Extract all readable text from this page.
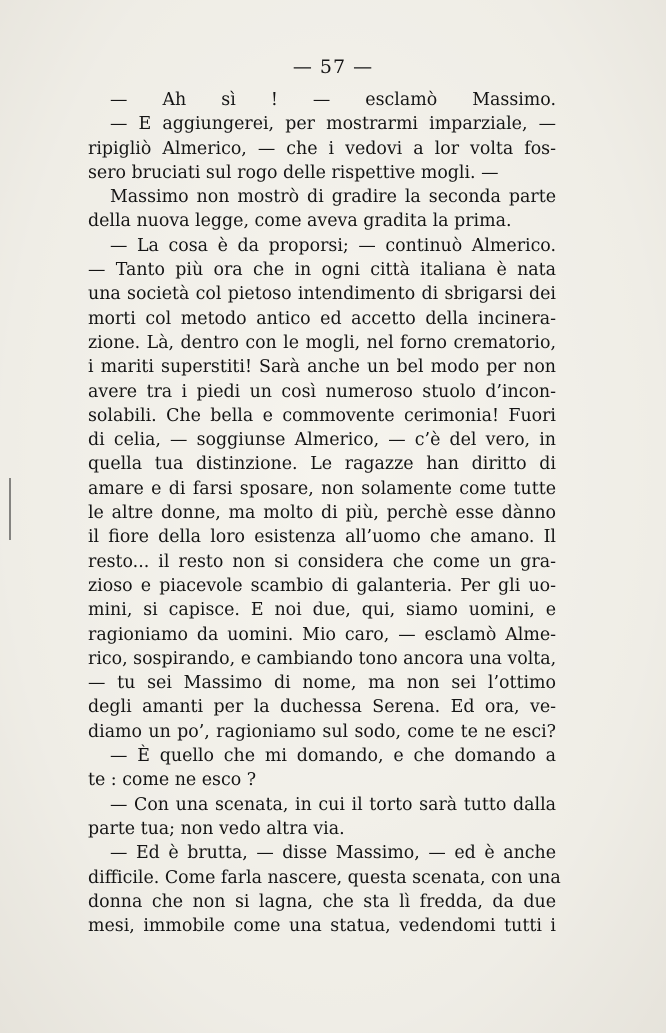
— 57 —
— Ah sì ! — esclamò Massimo.
— E aggiungerei, per mostrarmi imparziale, —
ripigliò Almerico, — che i vedovi a lor volta fos-
sero bruciati sul rogo delle rispettive mogli. —
Massimo non mostrò di gradire la seconda parte
della nuova legge, come aveva gradita la prima.
— La cosa è da proporsi; — continuò Almerico.
— Tanto più ora che in ogni città italiana è nata
una società col pietoso intendimento di sbrigarsi dei
morti col metodo antico ed accetto della incinera-
zione. Là, dentro con le mogli, nel forno crematorio,
i mariti superstiti! Sarà anche un bel modo per non
avere tra i piedi un così numeroso stuolo d’incon-
solabili. Che bella e commovente cerimonia! Fuori
di celia, — soggiunse Almerico, — c’è del vero, in
quella tua distinzione. Le ragazze han diritto di
amare e di farsi sposare, non solamente come tutte
le altre donne, ma molto di più, perchè esse dànno
il fiore della loro esistenza all’uomo che amano. Il
resto... il resto non si considera che come un gra-
zioso e piacevole scambio di galanteria. Per gli uo-
mini, si capisce. E noi due, qui, siamo uomini, e
ragioniamo da uomini. Mio caro, — esclamò Alme-
rico, sospirando, e cambiando tono ancora una volta,
— tu sei Massimo di nome, ma non sei l’ottimo
degli amanti per la duchessa Serena. Ed ora, ve-
diamo un po’, ragioniamo sul sodo, come te ne esci?
— È quello che mi domando, e che domando a
te : come ne esco ?
— Con una scenata, in cui il torto sarà tutto dalla
parte tua; non vedo altra via.
— Ed è brutta, — disse Massimo, — ed è anche
difficile. Come farla nascere, questa scenata, con una
donna che non si lagna, che sta lì fredda, da due
mesi, immobile come una statua, vedendomi tutti i
